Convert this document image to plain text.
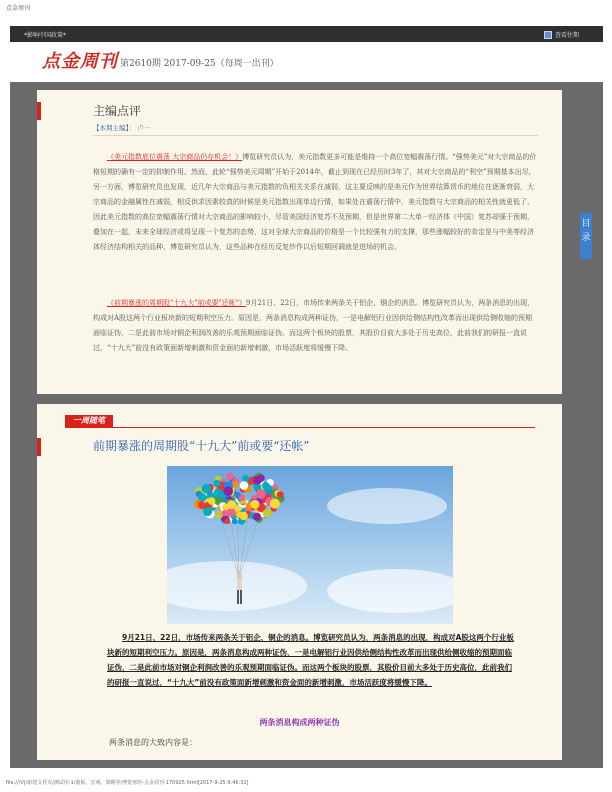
点金周刊
*影响中国政策*	查看往期
点金周刊 第2610期 2017-09-25（每周一出刊）
主编点评
【本期主编】： 卢一

《美元指数底位震荡 大宗商品仍存机会！》博览研究员认为，美元指数更多可能是维持一个高位宽幅震荡行情。“强势美元”对大宗商品的价格短期的确有一定的抑制作用。然而，此轮“强势美元周期”开始于2014年，截止到现在已经历时3年了，其对大宗商品的“利空”预期基本出尽，另一方面，博览研究员也发现，近几年大宗商品与美元指数的负相关关系在减弱，这主要反映的是美元作为世界结算货币的地位在逐渐衰弱，大宗商品的金融属性在减弱，相反供求因素较真的时候是美元指数出现单边行情，如果处在震荡行情中，美元指数与大宗商品的相关性就更低了，因此美元指数的高位宽幅震荡行情对大宗商品的影响较小，尽管美国经济复苏不及预期，但是世界第二大单一经济体（中国）复苏却强于预期，叠加在一起，未来全球经济或将呈现一个复苏的态势，这对全球大宗商品的价格是一个比较强有力的支撑，那些涨幅较好的肯定是与中美等经济体经济结构相关的品种，博览研究员认为，这些品种在经历反复炒作以后短期回调就是进场的机会。

《前期暴涨的周期股"十九大"前或要"还帐"》9月21日、22日，市场传来两条关于铝企、铜企的消息。博览研究员认为，两条消息的出现，构成对A股这两个行业板块新的短期利空压力。原因是，两条消息构成两种证伪，一是电解铝行业因供给侧结构性改革而出现供给侧收缩的预期面临证伪，二是此前市场对铜企利润改善的乐观预期面临证伪。而这两个板块的股票，其股价目前大多处于历史高位，此前我们的研报一直说过，“十九大”前没有政策面新增刺激和资金面的新增刺激，市场活跃度将缓慢下降。

一周随笔
前期暴涨的周期股“十九大”前或要“还帐”

9月21日、22日，市场传来两条关于铝企、铜企的消息。博览研究员认为，两条消息的出现，构成对A股这两个行业板块新的短期利空压力。原因是，两条消息构成两种证伪，一是电解铝行业因供给侧结构性改革而出现供给侧收缩的预期面临证伪，二是此前市场对铜企利润改善的乐观预期面临证伪。而这两个板块的股票，其股价目前大多处于历史高位，此前我们的研报一直说过，“十九大”前没有政策面新增刺激和资金面的新增刺激，市场活跃度将缓慢下降。

两条消息构成两种证伪
两条消息的大致内容是：
目录
file:///V|/新建文件夹/测试用-1/曲板、宏观、策略等/博览财经-点金周刊-170925.html[2017-9-25 9:46:32]
